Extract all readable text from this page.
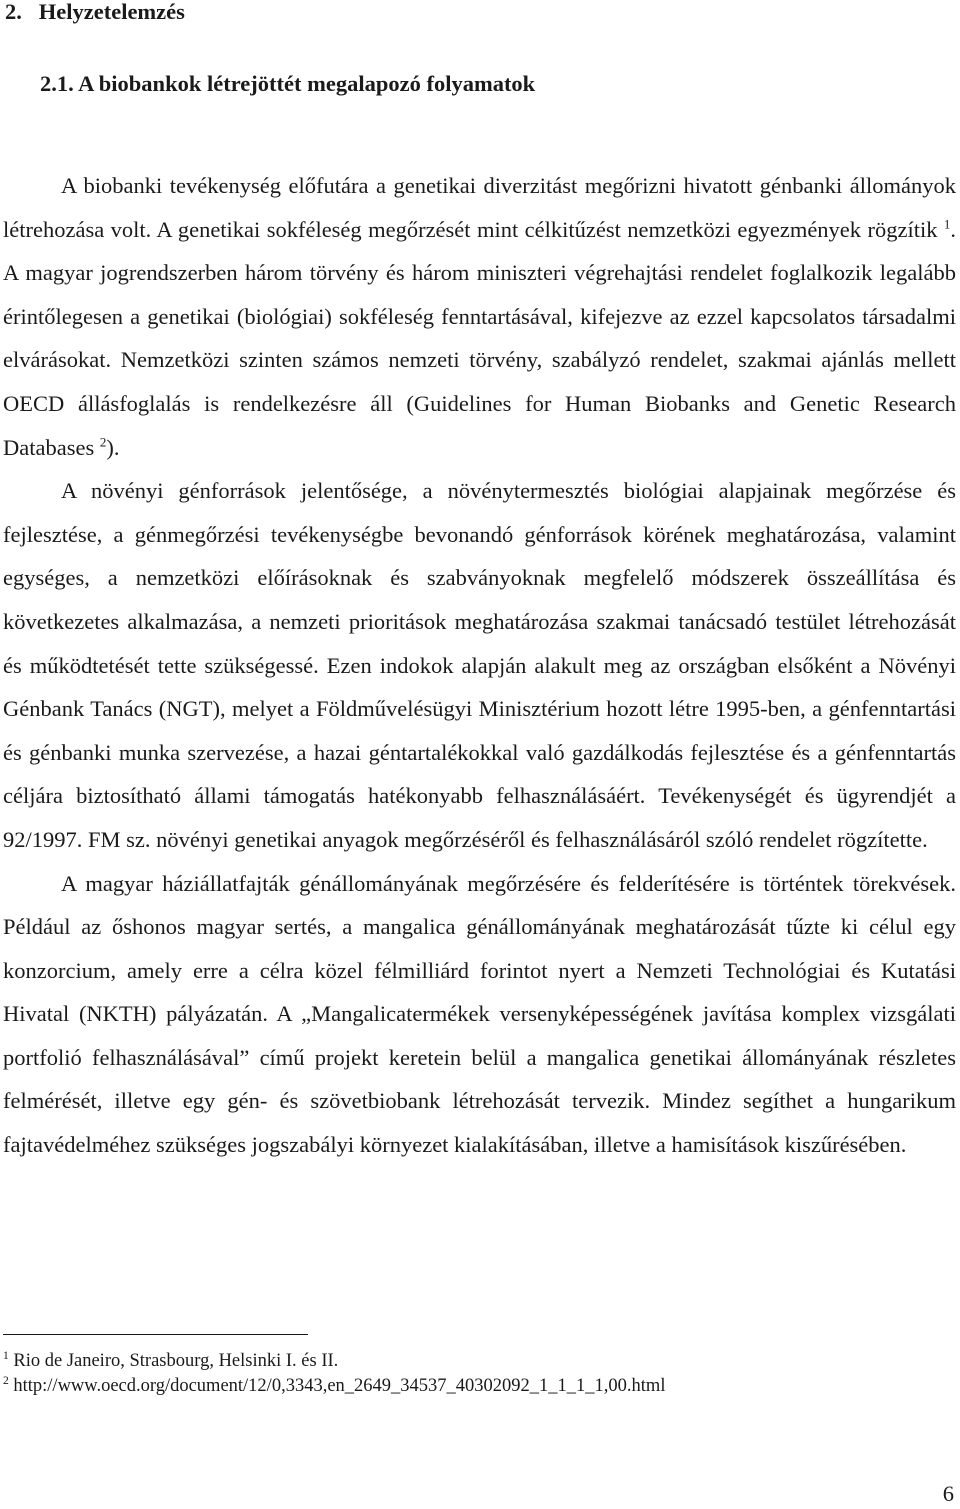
2. Helyzetelemzés
2.1. A biobankok létrejöttét megalapozó folyamatok

A biobanki tevékenység előfutára a genetikai diverzitást megőrizni hivatott génbanki állományok létrehozása volt. A genetikai sokféleség megőrzését mint célkitűzést nemzetközi egyezmények rögzítik $^1$. A magyar jogrendszerben három törvény és három miniszteri végrehajtási rendelet foglalkozik legalább érintőlegesen a genetikai (biológiai) sokféleség fenntartásával, kifejezve az ezzel kapcsolatos társadalmi elvárásokat. Nemzetközi szinten számos nemzeti törvény, szabályzó rendelet, szakmai ajánlás mellett OECD állásfoglalás is rendelkezésre áll (Guidelines for Human Biobanks and Genetic Research Databases $^2$).

A növényi génforrások jelentősége, a növénytermesztés biológiai alapjainak megőrzése és fejlesztése, a génmegőrzési tevékenységbe bevonandó génforrások körének meghatározása, valamint egységes, a nemzetközi előírásoknak és szabványoknak megfelelő módszerek összeállítása és következetes alkalmazása, a nemzeti prioritások meghatározása szakmai tanácsadó testület létrehozását és működtetését tette szükségessé. Ezen indokok alapján alakult meg az országban elsőként a Növényi Génbank Tanács (NGT), melyet a Földművelésügyi Minisztérium hozott létre 1995-ben, a génfenntartási és génbanki munka szervezése, a hazai géntartalékokkal való gazdálkodás fejlesztése és a génfenntartás céljára biztosítható állami támogatás hatékonyabb felhasználásáért. Tevékenységét és ügyrendjét a 92/1997. FM sz. növényi genetikai anyagok megőrzéséről és felhasználásáról szóló rendelet rögzítette.

A magyar háziállatfajták génállományának megőrzésére és felderítésére is történtek törekvések. Például az őshonos magyar sertés, a mangalica génállományának meghatározását tűzte ki célul egy konzorcium, amely erre a célra közel félmilliárd forintot nyert a Nemzeti Technológiai és Kutatási Hivatal (NKTH) pályázatán. A „Mangalicatermékek versenyképességének javítása komplex vizsgálati portfolió felhasználásával” című projekt keretein belül a mangalica genetikai állományának részletes felmérését, illetve egy gén- és szövetbiobank létrehozását tervezik. Mindez segíthet a hungarikum fajtavédelméhez szükséges jogszabályi környezet kialakításában, illetve a hamisítások kiszűrésében.

$^1$ Rio de Janeiro, Strasbourg, Helsinki I. és II.
$^2$ http://www.oecd.org/document/12/0,3343,en_2649_34537_40302092_1_1_1_1,00.html
6
